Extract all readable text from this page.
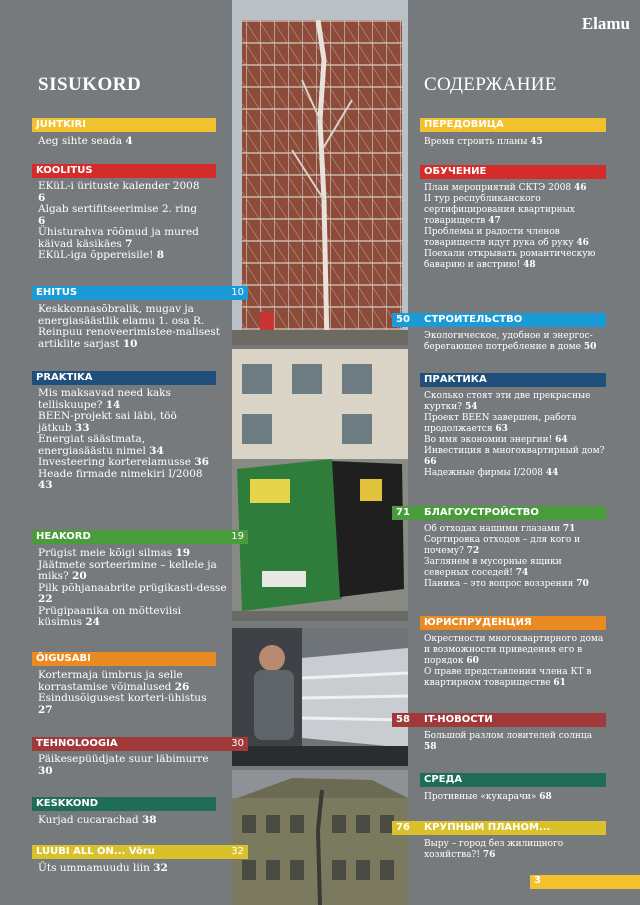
Elamu
SISUKORD	СОДЕРЖАНИЕ
JUHTKIRI
Aeg sihte seada 4
KOOLITUS
EKüL-i ürituste kalender 2008 6
Algab sertifitseerimise 2. ring 6
Ühisturahva rõõmud ja mured käivad käsikäes 7
EKüL-iga õppereisile! 8
EHITUS	10
Keskkonnasõbralik, mugav ja energiasäästlik elamu 1. osa R. Reinpuu renoveerimistee-malisest artiklite sarjast 10
PRAKTIKA
Mis maksavad need kaks telliskuupe? 14
BEEN-projekt sai läbi, töö jätkub 33
Energiat säästmata, energiasäästu nimel 34
Investeering korterelamusse 36
Heade firmade nimekiri I/2008 43
HEAKORD	19
Prügist meie kõigi silmas 19
Jäätmete sorteerimine – kellele ja miks? 20
Pilk põhjanaabrite prügikasti-desse 22
Prügipaanika on mõtteviisi küsimus 24
ÕIGUSABI
Kortermaja ümbrus ja selle korrastamise võimalused 26
Esindusõigusest korteri-ühistus 27
TEHNOLOOGIA	30
Päikesepüüdjate suur läbimurre 30
KESKKOND
Kurjad cucarachad 38
LUUBI ALL ON... Võru	32
Üts ummamuudu liin 32
ПЕРЕДОВИЦА
Время строить планы 45
ОБУЧЕНИЕ
План мероприятий СКТЭ 2008 46
II тур республиканского сертифицирования квартирных товариществ 47
Проблемы и радости членов товариществ идут рука об руку 46
Поехали открывать романтическую баварию и австрию! 48
50 СТРОИТЕЛЬСТВО
Экологическое, удобное и энергос-берегающее потребление в доме 50
ПРАКТИКА
Сколько стоят эти две прекрасные куртки? 54
Проект BEEN завершен, работа продолжается 63
Во имя экономии энергии! 64
Инвестиция в многоквартирный дом? 66
Надежные фирмы I/2008 44
71 БЛАГОУСТРОЙСТВО
Об отходах нашими глазами 71
Сортировка отходов – для кого и почему? 72
Заглянем в мусорные ящики северных соседей! 74
Паника – это вопрос воззрения 70
ЮРИСПРУДЕНЦИЯ
Окрестности многоквартирного дома и возможности приведения его в порядок 60
О праве представления члена КТ в квартирном товариществе 61
58 IT-НОВОСТИ
Большой разлом ловителей солнца 58
СРЕДА
Противные «кукарачи» 68
76 КРУПНЫМ ПЛАНОМ...
Выру – город без жилищного хозяйства?! 76
3
